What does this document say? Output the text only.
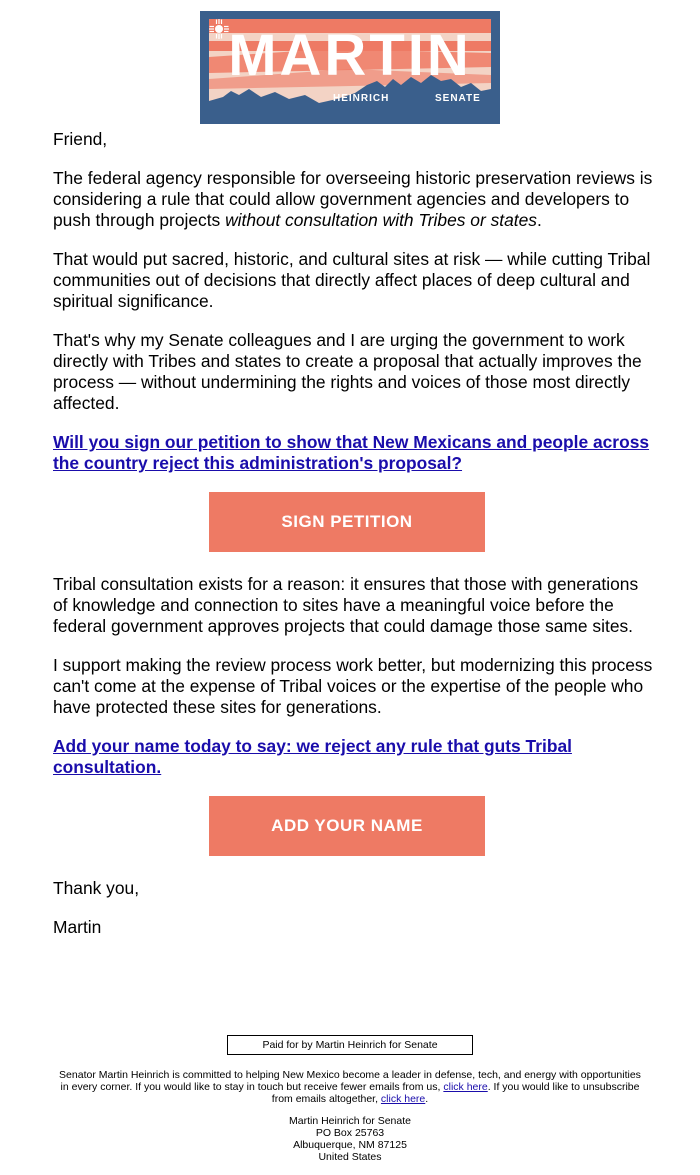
MARTIN
HEINRICH	SENATE

Friend,

The federal agency responsible for overseeing historic preservation reviews is considering a rule that could allow government agencies and developers to push through projects without consultation with Tribes or states.

That would put sacred, historic, and cultural sites at risk — while cutting Tribal communities out of decisions that directly affect places of deep cultural and spiritual significance.

That's why my Senate colleagues and I are urging the government to work directly with Tribes and states to create a proposal that actually improves the process — without undermining the rights and voices of those most directly affected.

Will you sign our petition to show that New Mexicans and people across the country reject this administration's proposal?

SIGN PETITION

Tribal consultation exists for a reason: it ensures that those with generations of knowledge and connection to sites have a meaningful voice before the federal government approves projects that could damage those same sites.

I support making the review process work better, but modernizing this process can't come at the expense of Tribal voices or the expertise of the people who have protected these sites for generations.

Add your name today to say: we reject any rule that guts Tribal consultation.

ADD YOUR NAME

Thank you,

Martin

Paid for by Martin Heinrich for Senate
Senator Martin Heinrich is committed to helping New Mexico become a leader in defense, tech, and energy with opportunities in every corner. If you would like to stay in touch but receive fewer emails from us, click here. If you would like to unsubscribe from emails altogether, click here.
Martin Heinrich for Senate
PO Box 25763
Albuquerque, NM 87125
United States
